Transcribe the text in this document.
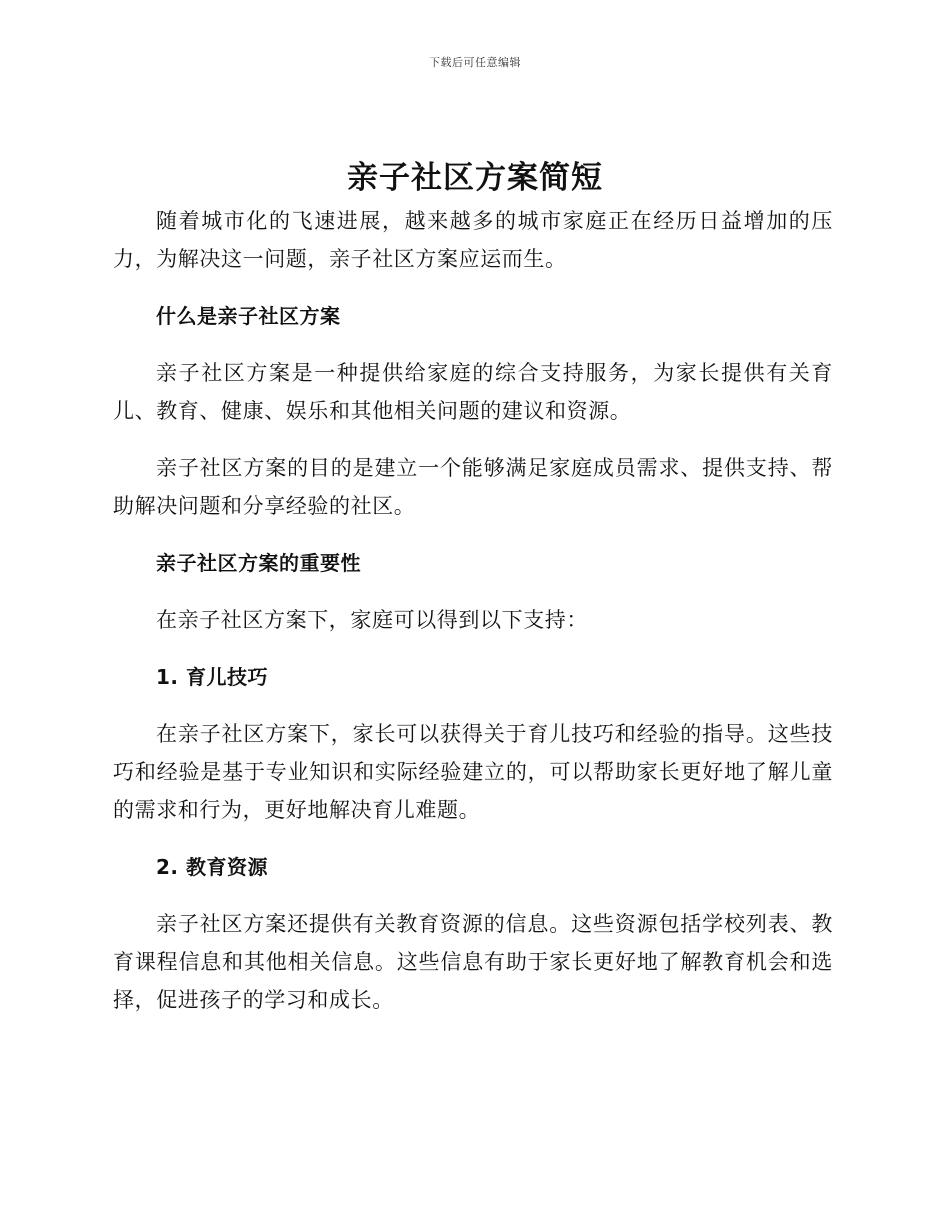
下载后可任意编辑
亲子社区方案简短

随着城市化的飞速进展，越来越多的城市家庭正在经历日益增加的压力，为解决这一问题，亲子社区方案应运而生。

什么是亲子社区方案

亲子社区方案是一种提供给家庭的综合支持服务，为家长提供有关育儿、教育、健康、娱乐和其他相关问题的建议和资源。

亲子社区方案的目的是建立一个能够满足家庭成员需求、提供支持、帮助解决问题和分享经验的社区。

亲子社区方案的重要性

在亲子社区方案下，家庭可以得到以下支持：

1. 育儿技巧

在亲子社区方案下，家长可以获得关于育儿技巧和经验的指导。这些技巧和经验是基于专业知识和实际经验建立的，可以帮助家长更好地了解儿童的需求和行为，更好地解决育儿难题。

2. 教育资源

亲子社区方案还提供有关教育资源的信息。这些资源包括学校列表、教育课程信息和其他相关信息。这些信息有助于家长更好地了解教育机会和选择，促进孩子的学习和成长。
